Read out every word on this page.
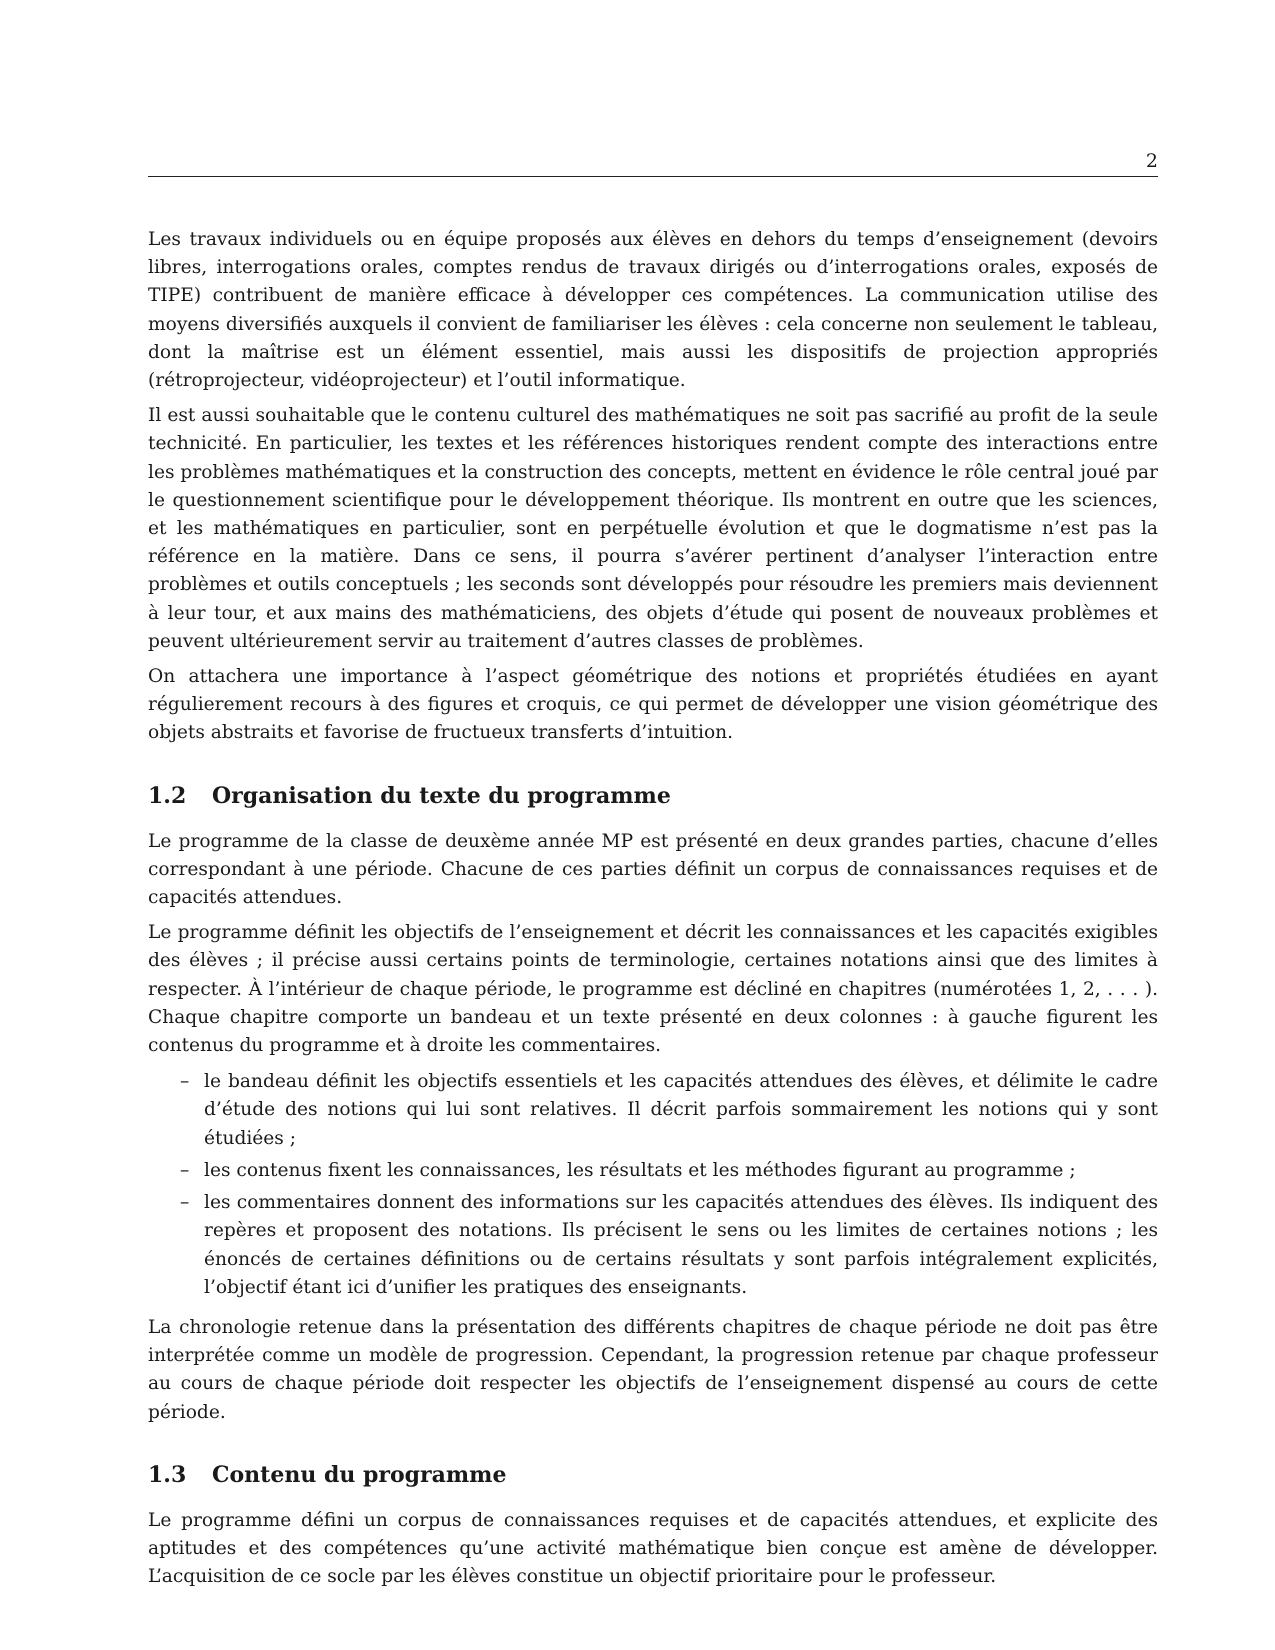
2

Les travaux individuels ou en équipe proposés aux élèves en dehors du temps d’enseignement (devoirs libres, interrogations orales, comptes rendus de travaux dirigés ou d’interrogations orales, exposés de TIPE) contribuent de manière efficace à développer ces compétences. La communication utilise des moyens diversifiés auxquels il convient de familiariser les élèves : cela concerne non seulement le tableau, dont la maîtrise est un élément essentiel, mais aussi les dispositifs de projection appropriés (rétroprojecteur, vidéoprojecteur) et l’outil informatique.

Il est aussi souhaitable que le contenu culturel des mathématiques ne soit pas sacrifié au profit de la seule technicité. En particulier, les textes et les références historiques rendent compte des interactions entre les problèmes mathématiques et la construction des concepts, mettent en évidence le rôle central joué par le questionnement scientifique pour le développement théorique. Ils montrent en outre que les sciences, et les mathématiques en particulier, sont en perpétuelle évolution et que le dogmatisme n’est pas la référence en la matière. Dans ce sens, il pourra s’avérer pertinent d’analyser l’interaction entre problèmes et outils conceptuels ; les seconds sont développés pour résoudre les premiers mais deviennent à leur tour, et aux mains des mathématiciens, des objets d’étude qui posent de nouveaux problèmes et peuvent ultérieurement servir au traitement d’autres classes de problèmes.

On attachera une importance à l’aspect géométrique des notions et propriétés étudiées en ayant régulierement recours à des figures et croquis, ce qui permet de développer une vision géométrique des objets abstraits et favorise de fructueux transferts d’intuition.

1.2 Organisation du texte du programme

Le programme de la classe de deuxème année MP est présenté en deux grandes parties, chacune d’elles correspondant à une période. Chacune de ces parties définit un corpus de connaissances requises et de capacités attendues.

Le programme définit les objectifs de l’enseignement et décrit les connaissances et les capacités exigibles des élèves ; il précise aussi certains points de terminologie, certaines notations ainsi que des limites à respecter. À l’intérieur de chaque période, le programme est décliné en chapitres (numérotées 1, 2, . . . ). Chaque chapitre comporte un bandeau et un texte présenté en deux colonnes : à gauche figurent les contenus du programme et à droite les commentaires.

– le bandeau définit les objectifs essentiels et les capacités attendues des élèves, et délimite le cadre d’étude des notions qui lui sont relatives. Il décrit parfois sommairement les notions qui y sont étudiées ;
– les contenus fixent les connaissances, les résultats et les méthodes figurant au programme ;
– les commentaires donnent des informations sur les capacités attendues des élèves. Ils indiquent des repères et proposent des notations. Ils précisent le sens ou les limites de certaines notions ; les énoncés de certaines définitions ou de certains résultats y sont parfois intégralement explicités, l’objectif étant ici d’unifier les pratiques des enseignants.

La chronologie retenue dans la présentation des différents chapitres de chaque période ne doit pas être interprétée comme un modèle de progression. Cependant, la progression retenue par chaque professeur au cours de chaque période doit respecter les objectifs de l’enseignement dispensé au cours de cette période.

1.3 Contenu du programme

Le programme défini un corpus de connaissances requises et de capacités attendues, et explicite des aptitudes et des compétences qu’une activité mathématique bien conçue est amène de développer. L’acquisition de ce socle par les élèves constitue un objectif prioritaire pour le professeur.
